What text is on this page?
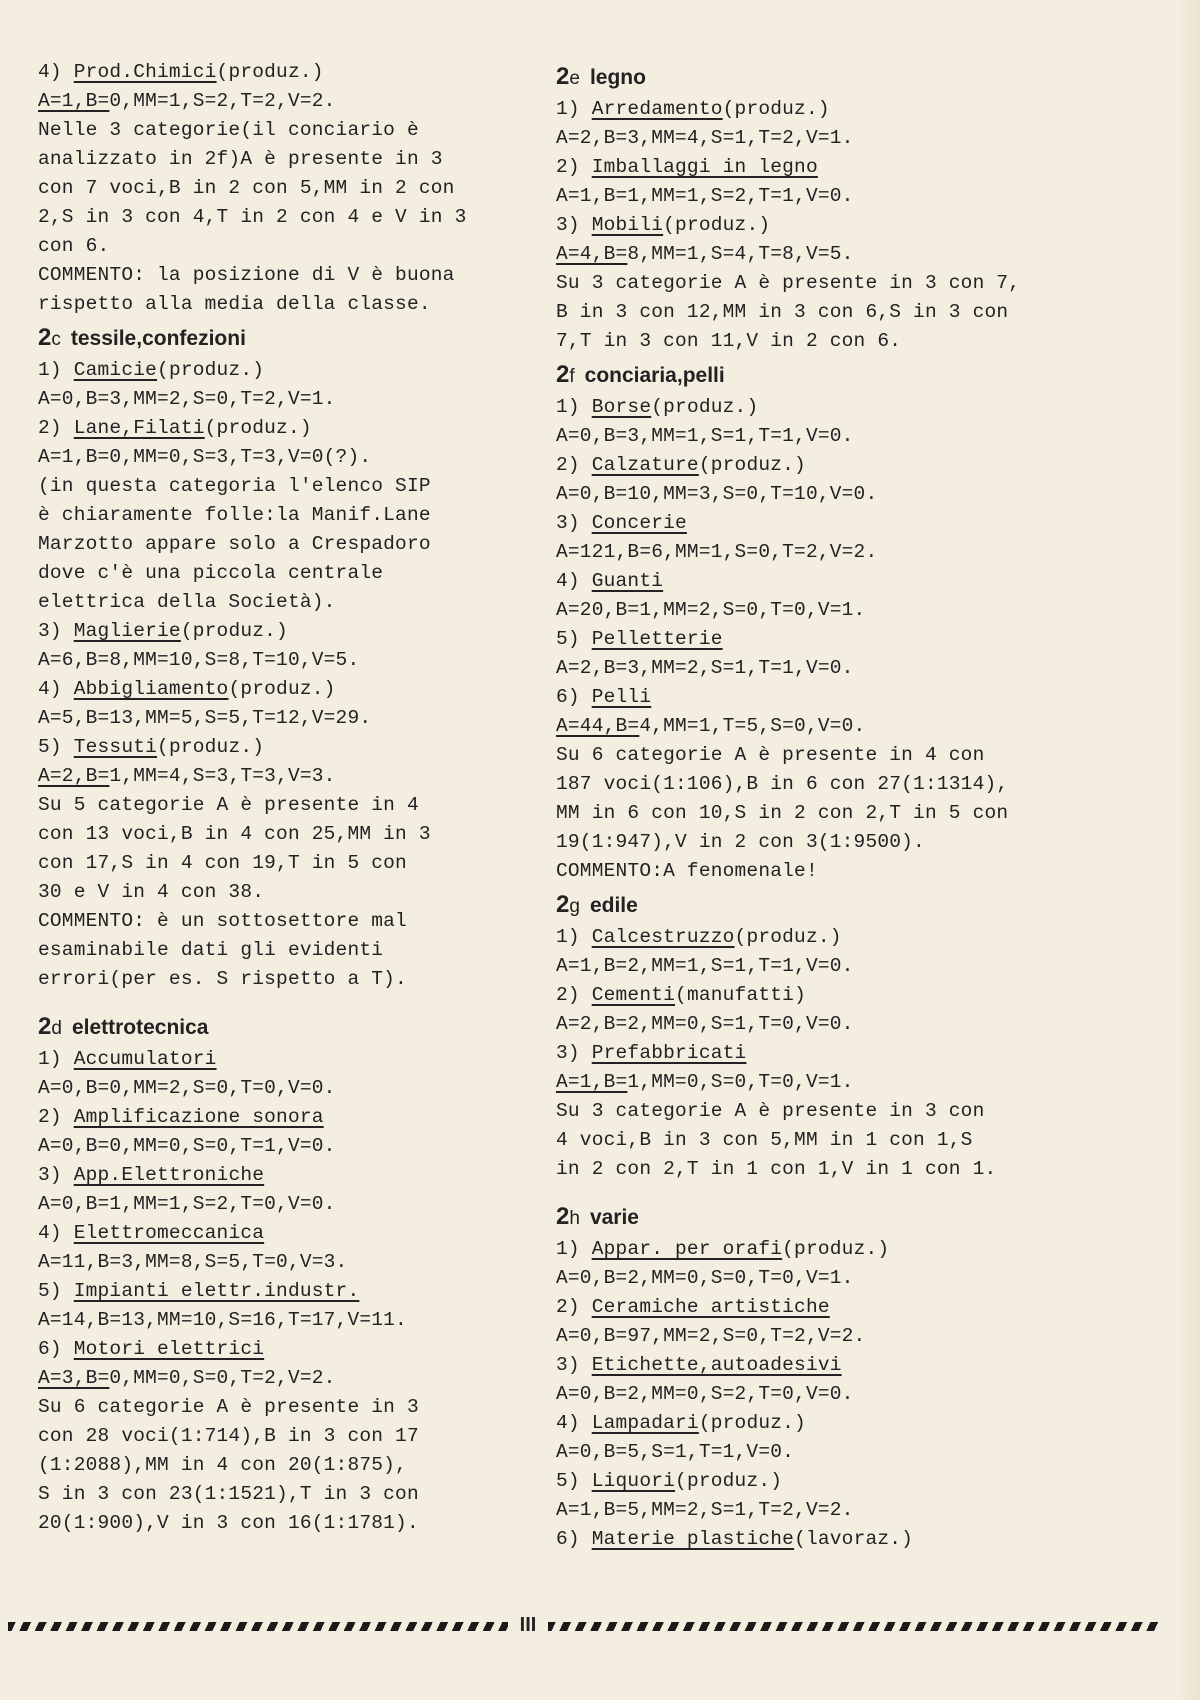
4) Prod.Chimici(produz.)
A=1,B=0,MM=1,S=2,T=2,V=2.
Nelle 3 categorie(il conciario è
analizzato in 2f)A è presente in 3
con 7 voci,B in 2 con 5,MM in 2 con
2,S in 3 con 4,T in 2 con 4 e V in 3
con 6.
COMMENTO: la posizione di V è buona
rispetto alla media della classe.
2c tessile,confezioni
1) Camicie(produz.)
A=0,B=3,MM=2,S=0,T=2,V=1.
2) Lane,Filati(produz.)
A=1,B=0,MM=0,S=3,T=3,V=0(?).
(in questa categoria l'elenco SIP
è chiaramente folle:la Manif.Lane
Marzotto appare solo a Crespadoro
dove c'è una piccola centrale
elettrica della Società).
3) Maglierie(produz.)
A=6,B=8,MM=10,S=8,T=10,V=5.
4) Abbigliamento(produz.)
A=5,B=13,MM=5,S=5,T=12,V=29.
5) Tessuti(produz.)
A=2,B=1,MM=4,S=3,T=3,V=3.
Su 5 categorie A è presente in 4
con 13 voci,B in 4 con 25,MM in 3
con 17,S in 4 con 19,T in 5 con
30 e V in 4 con 38.
COMMENTO: è un sottosettore mal
esaminabile dati gli evidenti
errori(per es. S rispetto a T).
2d elettrotecnica
1) Accumulatori
A=0,B=0,MM=2,S=0,T=0,V=0.
2) Amplificazione sonora
A=0,B=0,MM=0,S=0,T=1,V=0.
3) App.Elettroniche
A=0,B=1,MM=1,S=2,T=0,V=0.
4) Elettromeccanica
A=11,B=3,MM=8,S=5,T=0,V=3.
5) Impianti elettr.industr.
A=14,B=13,MM=10,S=16,T=17,V=11.
6) Motori elettrici
A=3,B=0,MM=0,S=0,T=2,V=2.
Su 6 categorie A è presente in 3
con 28 voci(1:714),B in 3 con 17
(1:2088),MM in 4 con 20(1:875),
S in 3 con 23(1:1521),T in 3 con
20(1:900),V in 3 con 16(1:1781).
2e legno
1) Arredamento(produz.)
A=2,B=3,MM=4,S=1,T=2,V=1.
2) Imballaggi in legno
A=1,B=1,MM=1,S=2,T=1,V=0.
3) Mobili(produz.)
A=4,B=8,MM=1,S=4,T=8,V=5.
Su 3 categorie A è presente in 3 con 7,
B in 3 con 12,MM in 3 con 6,S in 3 con
7,T in 3 con 11,V in 2 con 6.
2f conciaria,pelli
1) Borse(produz.)
A=0,B=3,MM=1,S=1,T=1,V=0.
2) Calzature(produz.)
A=0,B=10,MM=3,S=0,T=10,V=0.
3) Concerie
A=121,B=6,MM=1,S=0,T=2,V=2.
4) Guanti
A=20,B=1,MM=2,S=0,T=0,V=1.
5) Pelletterie
A=2,B=3,MM=2,S=1,T=1,V=0.
6) Pelli
A=44,B=4,MM=1,T=5,S=0,V=0.
Su 6 categorie A è presente in 4 con
187 voci(1:106),B in 6 con 27(1:1314),
MM in 6 con 10,S in 2 con 2,T in 5 con
19(1:947),V in 2 con 3(1:9500).
COMMENTO:A fenomenale!
2g edile
1) Calcestruzzo(produz.)
A=1,B=2,MM=1,S=1,T=1,V=0.
2) Cementi(manufatti)
A=2,B=2,MM=0,S=1,T=0,V=0.
3) Prefabbricati
A=1,B=1,MM=0,S=0,T=0,V=1.
Su 3 categorie A è presente in 3 con
4 voci,B in 3 con 5,MM in 1 con 1,S
in 2 con 2,T in 1 con 1,V in 1 con 1.
2h varie
1) Appar. per orafi(produz.)
A=0,B=2,MM=0,S=0,T=0,V=1.
2) Ceramiche artistiche
A=0,B=97,MM=2,S=0,T=2,V=2.
3) Etichette,autoadesivi
A=0,B=2,MM=0,S=2,T=0,V=0.
4) Lampadari(produz.)
A=0,B=5,S=1,T=1,V=0.
5) Liquori(produz.)
A=1,B=5,MM=2,S=1,T=2,V=2.
6) Materie plastiche(lavoraz.)
III
